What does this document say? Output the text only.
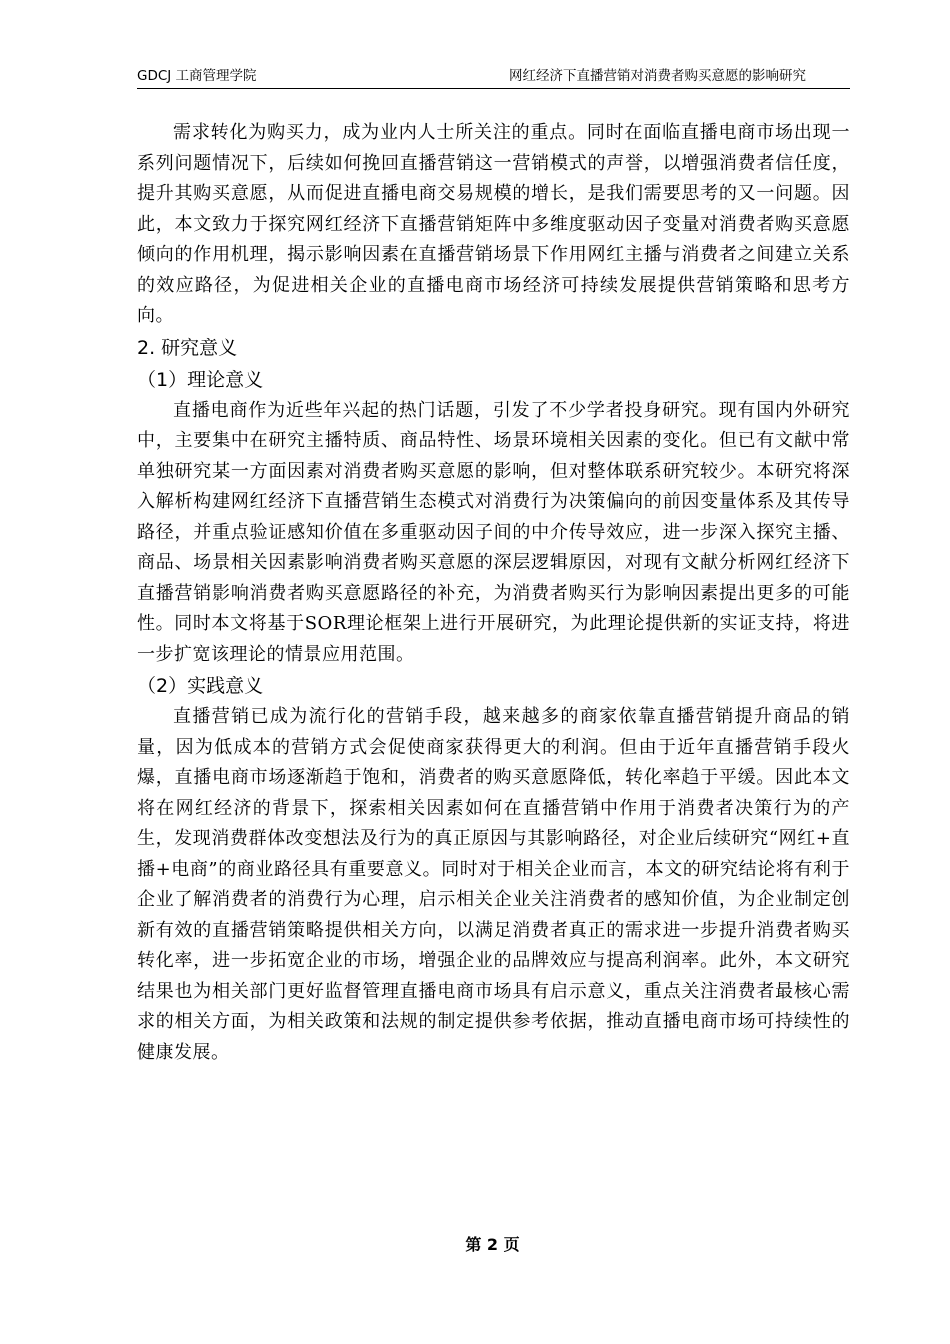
GDCJ 工商管理学院	网红经济下直播营销对消费者购买意愿的影响研究

需求转化为购买力，成为业内人士所关注的重点。同时在面临直播电商市场出现一系列问题情况下，后续如何挽回直播营销这一营销模式的声誉，以增强消费者信任度，提升其购买意愿，从而促进直播电商交易规模的增长，是我们需要思考的又一问题。因此，本文致力于探究网红经济下直播营销矩阵中多维度驱动因子变量对消费者购买意愿倾向的作用机理，揭示影响因素在直播营销场景下作用网红主播与消费者之间建立关系的效应路径，为促进相关企业的直播电商市场经济可持续发展提供营销策略和思考方向。

2. 研究意义
（1）理论意义

直播电商作为近些年兴起的热门话题，引发了不少学者投身研究。现有国内外研究中，主要集中在研究主播特质、商品特性、场景环境相关因素的变化。但已有文献中常单独研究某一方面因素对消费者购买意愿的影响，但对整体联系研究较少。本研究将深入解析构建网红经济下直播营销生态模式对消费行为决策偏向的前因变量体系及其传导路径，并重点验证感知价值在多重驱动因子间的中介传导效应，进一步深入探究主播、商品、场景相关因素影响消费者购买意愿的深层逻辑原因，对现有文献分析网红经济下直播营销影响消费者购买意愿路径的补充，为消费者购买行为影响因素提出更多的可能性。同时本文将基于SOR理论框架上进行开展研究，为此理论提供新的实证支持，将进一步扩宽该理论的情景应用范围。

（2）实践意义

直播营销已成为流行化的营销手段，越来越多的商家依靠直播营销提升商品的销量，因为低成本的营销方式会促使商家获得更大的利润。但由于近年直播营销手段火爆，直播电商市场逐渐趋于饱和，消费者的购买意愿降低，转化率趋于平缓。因此本文将在网红经济的背景下，探索相关因素如何在直播营销中作用于消费者决策行为的产生，发现消费群体改变想法及行为的真正原因与其影响路径，对企业后续研究“网红+直播+电商”的商业路径具有重要意义。同时对于相关企业而言，本文的研究结论将有利于企业了解消费者的消费行为心理，启示相关企业关注消费者的感知价值，为企业制定创新有效的直播营销策略提供相关方向，以满足消费者真正的需求进一步提升消费者购买转化率，进一步拓宽企业的市场，增强企业的品牌效应与提高利润率。此外，本文研究结果也为相关部门更好监督管理直播电商市场具有启示意义，重点关注消费者最核心需求的相关方面，为相关政策和法规的制定提供参考依据，推动直播电商市场可持续性的健康发展。

第 2 页
